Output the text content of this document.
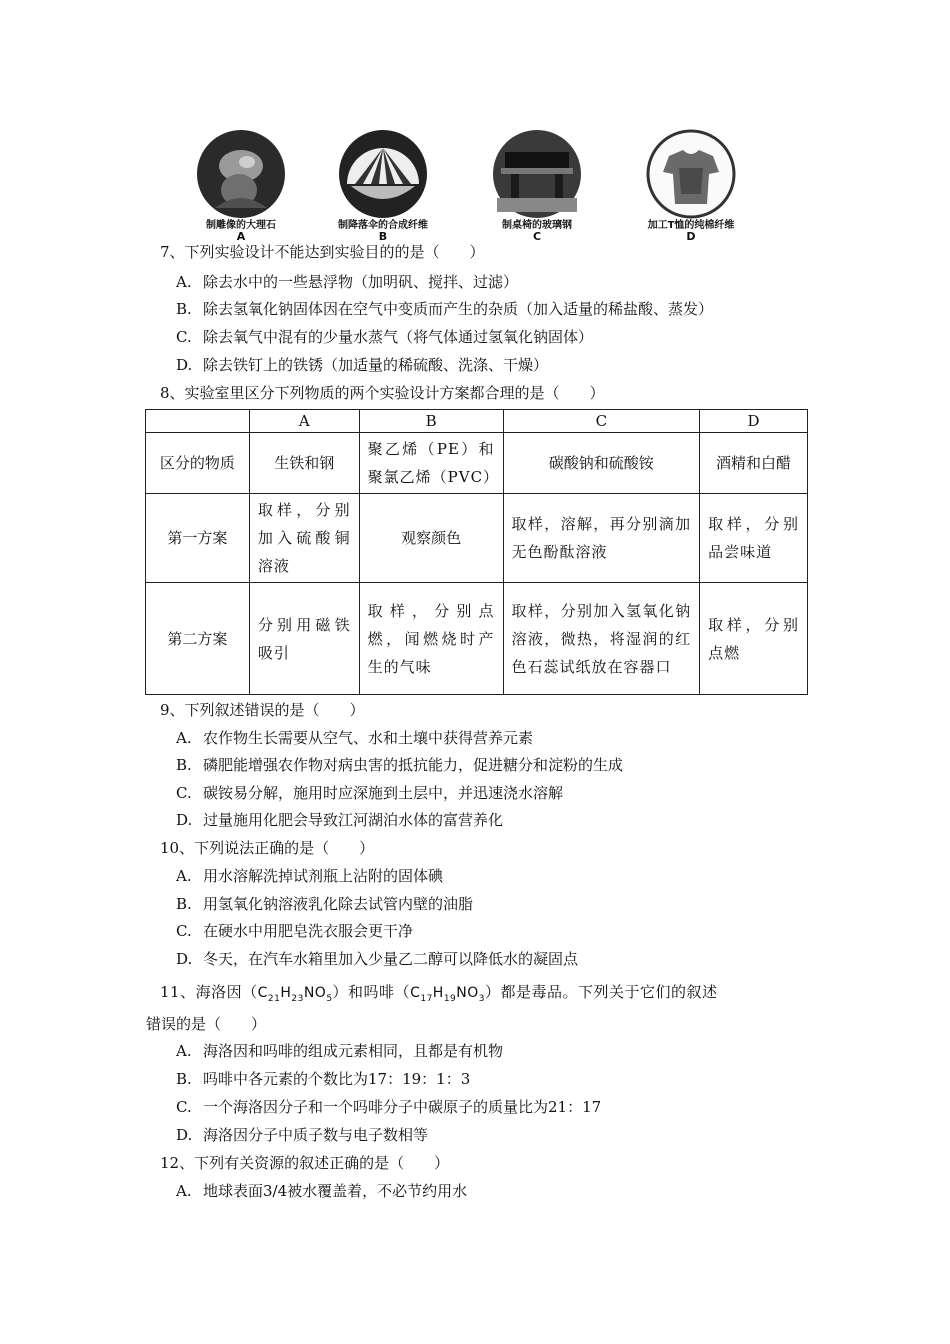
制雕像的大理石
A
制降落伞的合成纤维
B
制桌椅的玻璃钢
C
加工T恤的纯棉纤维
D
7、下列实验设计不能达到实验目的的是（　　）
A. 除去水中的一些悬浮物（加明矾、搅拌、过滤）
B. 除去氢氧化钠固体因在空气中变质而产生的杂质（加入适量的稀盐酸、蒸发）
C. 除去氧气中混有的少量水蒸气（将气体通过氢氧化钠固体）
D. 除去铁钉上的铁锈（加适量的稀硫酸、洗涤、干燥）
8、实验室里区分下列物质的两个实验设计方案都合理的是（　　）
	A	B	C	D
区分的物质	生铁和钢	聚乙烯（PE）和聚氯乙烯（PVC）	碳酸钠和硫酸铵	酒精和白醋
第一方案	取样，分别加入硫酸铜溶液	观察颜色	取样，溶解，再分别滴加无色酚酞溶液	取样，分别品尝味道
第二方案	分别用磁铁吸引	取样，分别点燃，闻燃烧时产生的气味	取样，分别加入氢氧化钠溶液，微热，将湿润的红色石蕊试纸放在容器口	取样，分别点燃
9、下列叙述错误的是（　　）
A. 农作物生长需要从空气、水和土壤中获得营养元素
B. 磷肥能增强农作物对病虫害的抵抗能力，促进糖分和淀粉的生成
C. 碳铵易分解，施用时应深施到土层中，并迅速浇水溶解
D. 过量施用化肥会导致江河湖泊水体的富营养化
10、下列说法正确的是（　　）
A. 用水溶解洗掉试剂瓶上沾附的固体碘
B. 用氢氧化钠溶液乳化除去试管内壁的油脂
C. 在硬水中用肥皂洗衣服会更干净
D. 冬天，在汽车水箱里加入少量乙二醇可以降低水的凝固点
11、海洛因$(C_{21}H_{23}NO_5)$和吗啡$(C_{17}H_{19}NO_3)$都是毒品。下列关于它们的叙述
错误的是（　　）
A. 海洛因和吗啡的组成元素相同，且都是有机物
B. 吗啡中各元素的个数比为17：19：1：3
C. 一个海洛因分子和一个吗啡分子中碳原子的质量比为21：17
D. 海洛因分子中质子数与电子数相等
12、下列有关资源的叙述正确的是（　　）
A. 地球表面3/4被水覆盖着，不必节约用水
